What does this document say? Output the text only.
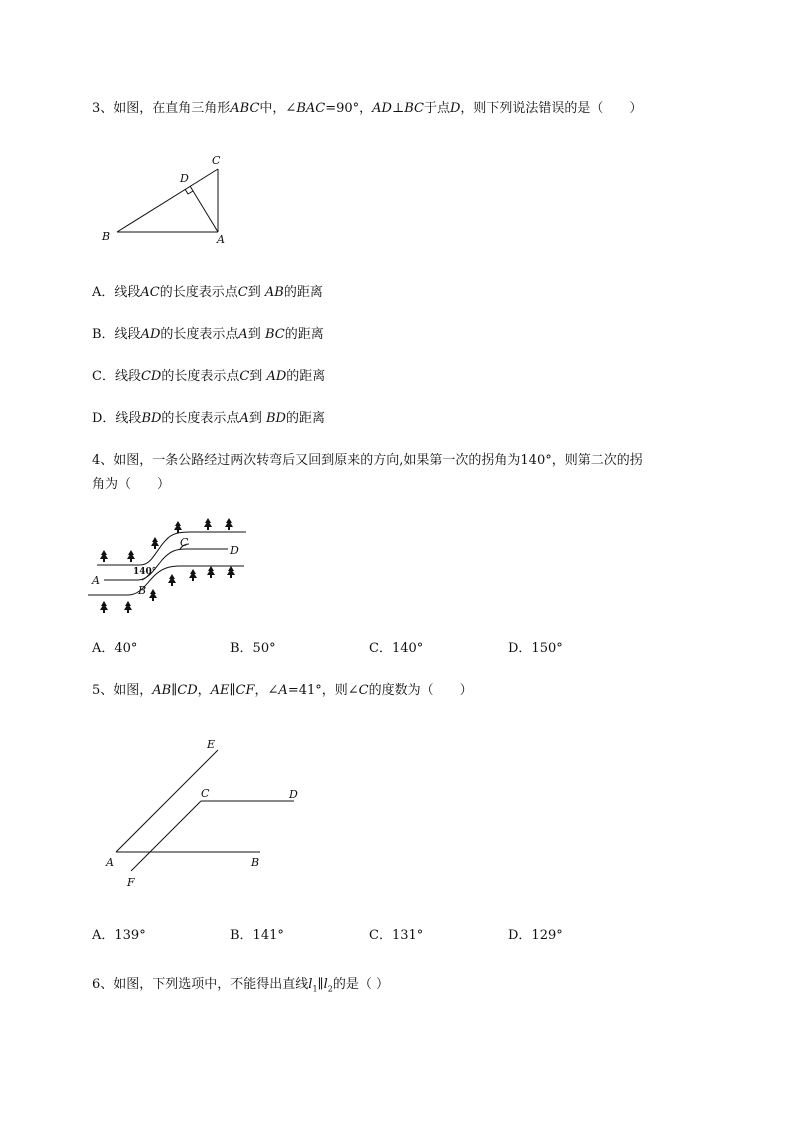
3、如图，在直角三角形ABC中，∠BAC=90°，AD⊥BC于点D，则下列说法错误的是（　　）
C
D
B	A
A．线段AC的长度表示点C到 AB的距离
B．线段AD的长度表示点A到 BC的距离
C．线段CD的长度表示点C到 AD的距离
D．线段BD的长度表示点A到 BD的距离
4、如图，一条公路经过两次转弯后又回到原来的方向,如果第一次的拐角为140°，则第二次的拐
角为（　　）
A
B
C
D
140°
A．40°	B．50°	C．140°	D．150°
5、如图，AB∥CD，AE∥CF，∠A=41°，则∠C的度数为（　　）
E
C	D
A	B
F
A．139°	B．141°	C．131°	D．129°
6、如图，下列选项中，不能得出直线$l_1\parallel l_2$的是（ ）
